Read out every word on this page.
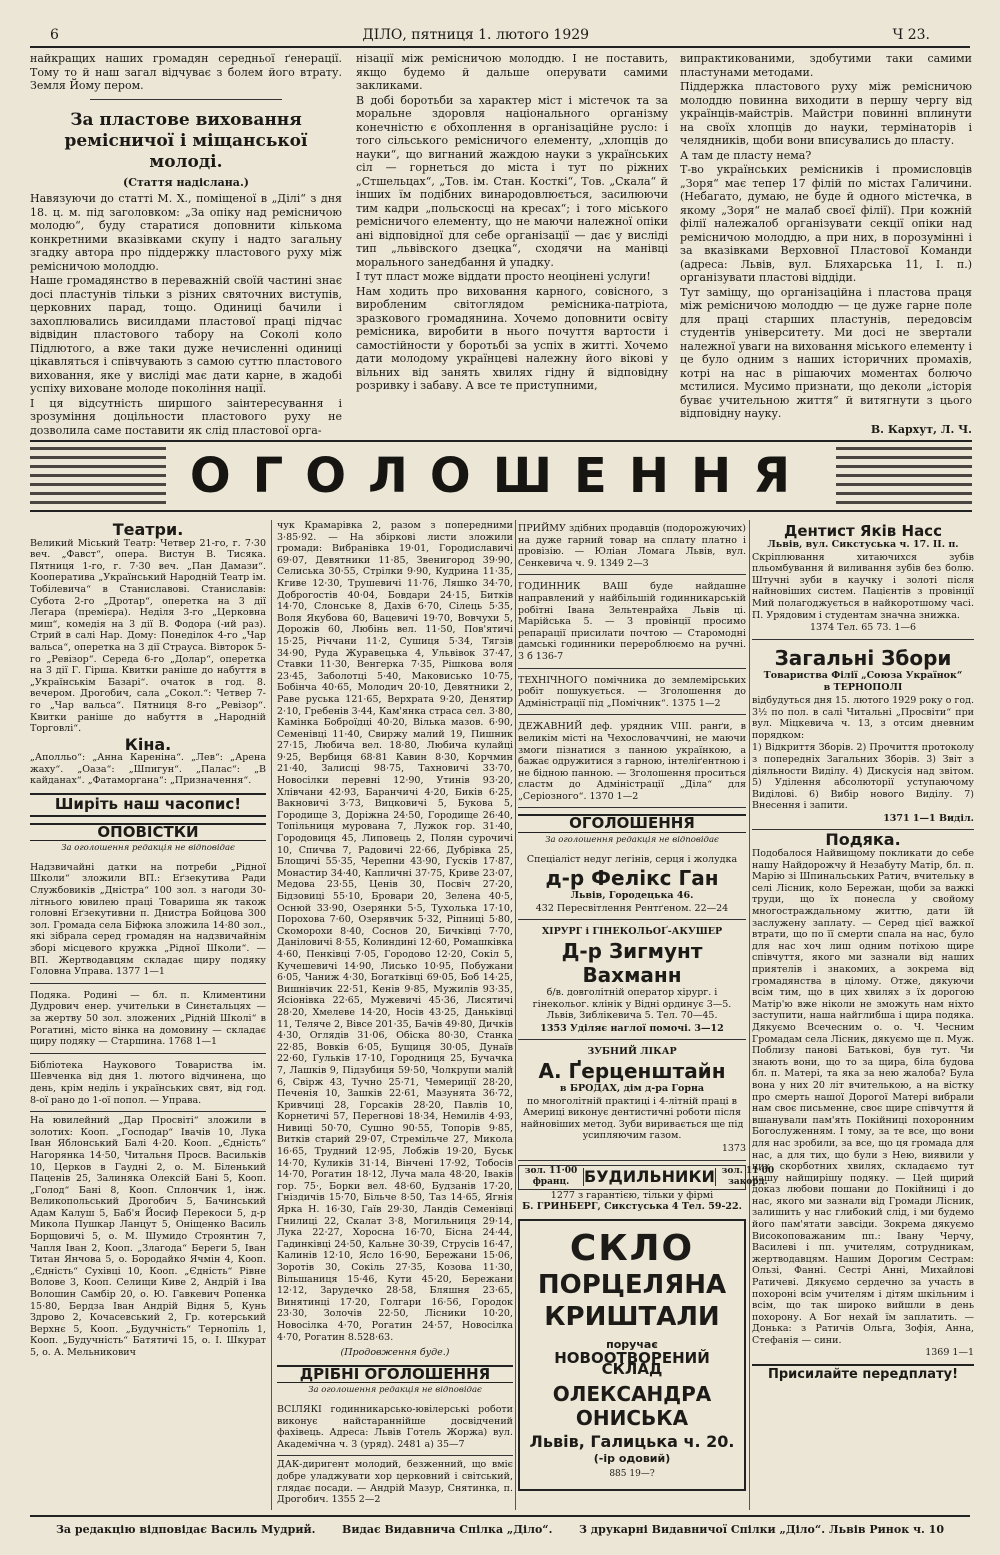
6	ДІЛО, пятниця 1. лютого 1929	Ч 23.

найкращих наших громадян середньої ґенерації. Тому то й наш загал відчуває з болем його втрату. Земля Йому пером.

За пластове виховання ремісничої і міщанської молоді.
(Стаття надіслана.)

Навязуючи до статті М. Х., поміщеної в „Ділі“ з дня 18. ц. м. під заголовком: „За опіку над ремісничою молодю“, буду старатися доповнити кількома конкретними вказівками скупу і надто загальну згадку автора про піддержку пластового руху між ремісничою молоддю.

Наше громадянство в переважній своїй частині знає досі пластунів тільки з різних святочних виступів, церковних парад, тощо. Одиниці бачили і захоплювались висилдами пластової праці підчас відвідин пластового табору на Соколі коло Підлютого, а вже таки дуже нечисленні одиниці цікавляться і співчувають з самою суттю пластового виховання, яке у висліді має дати карне, в жадобі успіху виховане молоде покоління нації.

І ця відсутність ширшого заінтересування і зрозуміння доцільности пластового руху не дозволила саме поставити як слід пластової орга-

нізації між ремісничою молоддю. І не поставить, якщо будемо й дальше оперувати самими закликами.

В добі боротьби за характер міст і містечок та за моральне здоровля національного організму конечністю є обхоплення в організаційне русло: і того сільського ремісничого елементу, „хлопців до науки“, що вигнаний жаждою науки з українських сіл — горнеться до міста і тут по ріжних „Стшельцах“, „Тов. ім. Стан. Косткі“, Тов. „Скала“ й інших їм подібних винародовлюється, засилюючи тим кадри „польскосці на кресах“; і того міського ремісничого елементу, що не маючи належної опіки ані відповідної для себе організації — дає у висліді тип „львівского дзецка“, сходячи на манівці морального занедбання й упадку.

І тут пласт може віддати просто неоцінені услуги!

Нам ходить про виховання карного, совісного, з виробленим світоглядом ремісника-патріота, зразкового громадянина. Хочемо доповнити освіту ремісника, виробити в нього почуття вартости і самостійности у боротьбі за успіх в житті. Хочемо дати молодому українцеві належну його вікові у вільних від занять хвилях гідну й відповідну розривку і забаву. А все те приступними,

випрактикованими, здобутими таки самими пластунами методами.

Піддержка пластового руху між ремісничою молоддю повинна виходити в першу чергу від українців-майстрів. Майстри повинні вплинути на своїх хлопців до науки, термінаторів і челядників, щоби вони вписувались до пласту.

А там де пласту нема?

Т-во українських ремісників і промисловців „Зоря“ має тепер 17 філій по містах Галичини. (Небагато, думаю, не буде й одного містечка, в якому „Зоря“ не малаб своєї філії). При кожній філії належалоб організувати секції опіки над ремісничою молоддю, а при них, в порозумінні і за вказівками Верховної Пластової Команди (адреса: Львів, вул. Бляхарська 11, І. п.) організувати пластові віддіди.

Тут заміщу, що організаційна і пластова праця між ремісничою молоддю — це дуже гарне поле для праці старших пластунів, передовсім студентів університету. Ми досі не звертали належної уваги на виховання міського елементу і це було одним з наших історичних промахів, котрі на нас в рішаючих моментах болючо мстилися. Мусимо признати, що деколи „історія буває учительною життя“ й витягнути з цього відповідну науку.

В. Кархут, Л. Ч.
ОГОЛОШЕННЯ
Театри.

Великий Міський Театр: Четвер 21-го, г. 7·30 веч. „Фавст“, опера. Вистун В. Тисяка. Пятниця 1-го, г. 7·30 веч. „Пан Дамази“. Кооператива „Український Народній Театр ім. Тобілевича“ в Станиславові. Станиславів: Субота 2-го „Дротар“, оперетка на 3 дії Легара (премієра). Неділя 3-го „Церковна миш“, комедія на 3 дії В. Фодора (-ий раз). Стрий в салі Нар. Дому: Понеділок 4-го „Чар вальса“, оперетка на 3 дії Страуса. Вівторок 5-го „Ревізор“. Середа 6-го „Долар“, оперетка на 3 дії Г. Гірша. Квитки раніше до набуття в „Українськім Базарі“. очаток в год. 8. вечером. Дрогобич, сала „Сокол.“: Четвер 7-го „Чар вальса“. Пятниця 8-го „Ревізор“. Квитки раніше до набуття в „Народній Торговлі“.

Кіна.

„Аполльо“: „Анна Кареніна“. „Лев“: „Арена жаху“. „Оаза“: „Шпигун“. „Палас“: „В кайданах“. „Фатаморгана“: „Призначення“.

Ширіть наш часопис!
ОПОВІСТКИ
За оголошення редакція не відповідає

Надзвичайні датки на потреби „Рідної Школи“ зложили ВП.: Еґзекутива Ради Службовиків „Дністра“ 100 зол. з нагоди 30-літнього ювилею праці Товариша як також головні Еґзекутивни п. Днистра Бойцова 300 зол. Громада села Біфюка зложила 14·80 зол., які зібрала серед громадян на надзвичайнім зборі місцевого кружка „Рідної Школи“. — ВП. Жертводавцям складає щиру подяку Головна Управа. 1377 1—1

Подяка. Родині — бл. п. Климентини Дудрович енер. учительки в Синєтальцях — за жертву 50 зол. зложених „Рідній Школі“ в Рогатині, місто вінка на домовину — складає щиру подяку — Старшина. 1768 1—1

Бібліотека Наукового Товариства ім. Шевченка від дня 1. лютого відчинена, що день, крім неділь і українських свят, від год. 8-ої рано до 1-ої попол. — Управа.

На ювилейний „Дар Просвіті“ зложили в золотих: Кооп. „Господар“ Івачів 10, Лука Іван Яблонський Балі 4·20. Кооп. „Єдність“ Нагорянка 14·50, Читальня Просв. Васильків 10, Церков в Гаудні 2, о. М. Біленький Паценів 25, Залиняка Олексій Бані 5, Кооп. „Голод“ Бані 8, Кооп. Сплончик 1, інж. Великопольський Дрогобич 5, Бачинський Адам Калуш 5, Баб'я Йосиф Перекоси 5, д-р Микола Пушкар Ланцут 5, Оніщенко Василь Борщовичі 5, о. М. Шумидо Строянтин 7, Чапля Іван 2, Кооп. „Злагода“ Береги 5, Іван Титан Янчова 5, о. Бородайко Ячмін 4, Кооп. „Єдність“ Сухівці 10, Кооп. „Єдність“ Рівне Волове 3, Кооп. Селищи Киве 2, Андрій і Іва Волошин Самбір 20, о. Ю. Гавкевич Ропенка 15·80, Бердза Іван Андрій Відня 5, Кунь Здрово 2, Кочасевський 2, Гр. котерський Верхнє 5, Кооп. „Будучність“ Тернопіль 1, Кооп. „Будучність“ Батятичі 15, о. І. Шкурат 5, о. А. Мельникович

чук Крамарівка 2, разом з попередними 3·85·92. — На збіркові листи зложили громади: Вибранівка 19·01, Городиславичі 69·07, Девятники 11·85, Звенигород 39·90, Селиська 30·55, Стрілки 9·90, Кудрина 11·35, Кгиве 12·30, Трушевичі 11·76, Ляшко 34·70, Доброгостів 40·04, Бовдари 24·15, Битків 14·70, Слонське 8, Дахів 6·70, Сілець 5·35, Воля Якубова 60, Вацевичі 19·70, Вовчухи 5, Дорожів 60, Любінь вел. 11·50, Пов'ятичі 15·25, Річчани 11·2, Сушиця 5·34, Тягзів 34·90, Руда Журавецька 4, Ульвівок 37·47, Ставки 11·30, Венгерка 7·35, Рішкова воля 23·45, Заболотці 5·40, Маковисько 10·75, Бобінча 40·65, Молодич 20·10, Девятники 2, Раве руська 121·65, Верхрата 9·20, Денятир 2·10, Гребенів 3·44, Кам'янка страса сел. 3·80, Камінка Боброїдці 40·20, Вілька мазов. 6·90, Семенівці 11·40, Свиржу малий 19, Пишник 27·15, Любича вел. 18·80, Любича кулайці 9·25, Вербиця 68·81 Кавин 8·30, Корчмин 21·40, Залисці 98·75, Тахновичі 33·70, Новосілки перевні 12·90, Утинів 93·20, Хлівчани 42·93, Баранчичі 4·20, Биків 6·25, Вакновичі 3·73, Вицковичі 5, Букова 5, Городище 3, Доріжна 24·50, Городище 26·40, Топільниця мурована 7, Лужок гор. 31·40, Городовиця 45, Липовець 2, Полян сурочичі 10, Спичва 7, Радовичі 22·66, Дубрівка 25, Блощичі 55·35, Черепни 43·90, Гусків 17·87, Монастир 34·40, Капличні 37·75, Криве 23·07, Медова 23·55, Ценів 30, Посвіч 27·20, Бідзовиці 55·10, Бровари 20, Зелена 40·5, Оснюй 33·90, Озерянки 5·5, Тухолька 17·10, Порохова 7·60, Озерявчик 5·32, Ріпниці 5·80, Скоморохи 8·40, Соснов 20, Бичківці 7·70, Даніловичі 8·55, Колиндині 12·60, Ромашківка 4·60, Пенківці 7·05, Городово 12·20, Сокіл 5, Кучешевичі 14·90, Лисько 10·95, Побужани 6·05, Чаниж 4·30, Богатківці 69·05, Боб 14·25, Вишнівчик 22·51, Кенів 9·85, Мужилів 93·35, Ясіонівка 22·65, Мужевичі 45·36, Лисятичі 28·20, Хмелеве 14·20, Носів 43·25, Даньківці 11, Теляче 2, Вівсе 201·35, Бачів 49·80, Дичків 4·30, Оглядів 31·06, Обіска 80·30, Станка 22·85, Вовків 6·05, Бущиця 30·05, Дунаїв 22·60, Гульків 17·10, Городниця 25, Бучачка 7, Лашків 9, Підзубиця 59·50, Чолкрупи малій 6, Свірж 43, Тучно 25·71, Чемериції 28·20, Печенія 10, Зашків 22·61, Мазунята 36·72, Кривчиці 28, Горсаків 28·20, Павлів 10, Корнетичі 57, Перегнові 18·34, Немилів 4·93, Нивиці 50·70, Сушно 90·55, Топорів 9·85, Витків старий 29·07, Стремільче 27, Микола 16·65, Трудний 12·95, Лобжів 19·20, Буськ 14·70, Куликів 31·14, Вінчені 17·92, Тобосів 14·70, Рогатин 18·12, Луча мала 48·20, Іваків гор. 75·, Борки вел. 48·60, Будзанів 17·20, Гніздичів 15·70, Більче 8·50, Таз 14·65, Ягнія Ярка Н. 16·30, Гаїв 29·30, Ландів Семенівці Гнилиці 22, Скалат 3·8, Могильниця 29·14, Лука 22·27, Хоросна 16·70, Бісна 24·44, Гадинківці 24·50, Кальне 30·39, Струсів 16·47, Калинів 12·10, Ясло 16·90, Бережани 15·06, Зоротів 30, Сокіль 27·35, Козова 11·30, Вільшаниця 15·46, Кути 45·20, Бережани 12·12, Зарудечко 28·58, Бляшня 23·65, Винятинці 17·20, Голгари 16·56, Городок 23·30, Золочів 22·50, Лісники 10·20, Новосілка 4·70, Рогатин 24·57, Новосілка 4·70, Рогатин 8.528·63.

(Продовження буде.)
ДРІБНІ ОГОЛОШЕННЯ
За оголошення редакція не відповідає

ВСІЛЯКІ годинникарсько-ювілерські роботи виконує найстараннійше досвідчений фахівець. Адреса: Львів Готель Жоржа) вул. Академічна ч. 3 (уряд). 2481 а) 35—7

ДАК-диригент молодий, безженний, що вміє добре уладжувати хор церковний і світський, глядає посади. — Андрій Мазур, Снятинка, п. Дрогобич. 1355 2—2

ПРИЙМУ здібних продавців (подорожуючих) на дуже гарний товар на сплату платно і провізію. — Юліан Ломага Львів, вул. Сенкевича ч. 9. 1349 2—3

ГОДИННИК ВАШ буде найдашне направлений у найбільшій годинникарській робітні Івана Зельтенрайха Львів ці. Марійська 5. — З провінції просимо репарації присилати почтою — Старомодні дамські годинники перероблюємо на ручні. 3 б 136-7

ТЕХНІЧНОГО помічника до землемірських робіт пошукується. — Зголошення до Адміністрації під „Помічник“. 1375 1—2

ДЕЖАВНИЙ деф. урядник VIII. ранґи, в великім місті на Чехословаччині, не маючи змоги пізнатися з панною українкою, а бажає одружитися з гарною, інтеліґентною і не бідною панною. — Зголошення проситься сластм до Адміністрації „Діла“ для „Серіозного“. 1370 1—2

ОГОЛОШЕННЯ
За оголошення редакція не відповідає

Спеціаліст недуг легінів, серця і жолудка

д-р Фелікс Ган

Львів, Городецька 46.

432 Пересвітлення Рентґеном. 22—24

ХІРУРГ і ГІНЕКОЛЬОҐ-АКУШЕР

Д-р Зигмунт Вахманн

б/в. довголітній оператор хірург. і гінекольог. клінік у Відні ординує 3—5. Львів, Зиблікевича 5. Тел. 70—45.

1353 Уділяє наглої помочі. 3—12

ЗУБНИЙ ЛІКАР

А. Ґерценштайн

в БРОДАХ, дім д-ра Горна

по многолітній практиці і 4-літній праці в Америці виконує дентистичні роботи після найновіших метод. Зуби виривається ще під усипляючим газом.

1373

зол. 11·00
франц. БУДИЛЬНИКИ зол. 11·00
закорд.

1277 з гарантією, тільки у фірмі

Б. ГРИНБЕРГ, Сикстуська 4 Тел. 59-22.

СКЛО
ПОРЦЕЛЯНА
КРИШТАЛИ
поручає
НОВООТВОРЕНИЙ СКЛАД
ОЛЕКСАНДРА ОНИСЬКА
Львів, Галицька ч. 20.
(-ір одовий)
885 19—?
Дентист Яків Насс

Львів, вул. Сикстуська ч. 17. ІІ. п.

Скріплювання хитаючихся зубів пльомбування й виливання зубів без болю. Штучні зуби в каучку і золоті після найновіших систем. Пацієнтів з провінції Мий полагоджується в найкоротшому часі. П. Урядовим і студентам значна знижка.

1374 Тел. 65 73. 1—6

Загальні Збори

Товариства Філії „Союза Українок“

в ТЕРНОПОЛІ

відбудуться дня 15. лютого 1929 року о год. 3½ по пол. в салі Читальні „Просвіти“ при вул. Міцкевича ч. 13, з отсим дневним порядком:

1) Відкриття Зборів. 2) Прочиття протоколу з попередніх Загальних Зборів. 3) Звіт з діяльности Виділу. 4) Дискусія над звітом. 5) Уділення абсолюторії уступаючому Виділові. 6) Вибір нового Виділу. 7) Внесення і запити.

1371 1—1 Виділ.

Подяка.

Подобалося Найвищому покликати до себе нашу Найдорожчу й Незабуту Матір, бл. п. Марію зі Шпинальських Ратич, вчительку в селі Лісник, коло Бережан, щоби за важкі труди, що їх понесла у свойому многостраждальному життю, дати їй заслужену заплату. — Серед цієї важкої втрати, що по її смерти спала на нас, було для нас хоч лиш одним потіхою щире співчуття, якого ми зазнали від наших приятелів і знакомих, а зокрема від громадянства в цілому. Отже, дякуючи всім тим, що в цих хвилях з їх дорогою Матір'ю вже ніколи не зможуть нам ніхто заступити, наша найглибша і щира подяка. Дякуємо Всечесним о. о. Ч. Чесним Громадам села Лісник, дякуємо ще п. Муж. Поблизу панові Батькові, був тут. Чи знають вони, що то за щира, біла будова бл. п. Матері, та яка за нею жалоба? Була вона у них 20 літ вчителькою, а на вістку про смерть нашої Дорогої Матері вибрали нам своє письменне, своє щире співчуття й вшанували пам'ять Покійниці похоронним Богослуженням. І тому, за те все, що вони для нас зробили, за все, що ця громада для нас, а для тих, що були з Нею, виявили у цих скорботних хвилях, складаємо тут нашу найщирішу подяку. — Цей щирий доказ любови пошани до Покійниці і до нас, якого ми зазнали від Громади Лісник, залишить у нас глибокий слід, і ми будемо його пам'ятати завсіди. Зокрема дякуємо Високоповажаним пп.: Івану Черчу, Василеві і пп. учителям, сотрудникам, жертводавцям. Нашим Дорогим Сестрам: Ользі, Фанні. Сестрі Анні, Михайлові Ратичеві. Дякуємо сердечно за участь в похороні всім учителям і дітям шкільним і всім, що так широко вийшли в день похорону. А Бог нехай їм заплатить. — Донька: з Ратичів Ольга, Зофія, Анна, Стефанія — сини.

1369 1—1

Присилайте передплату!
За редакцію відповідає Василь Мудрий. Видає Видавнича Спілка „Діло“. З друкарні Видавничої Спілки „Діло“. Львів Ринок ч. 10
